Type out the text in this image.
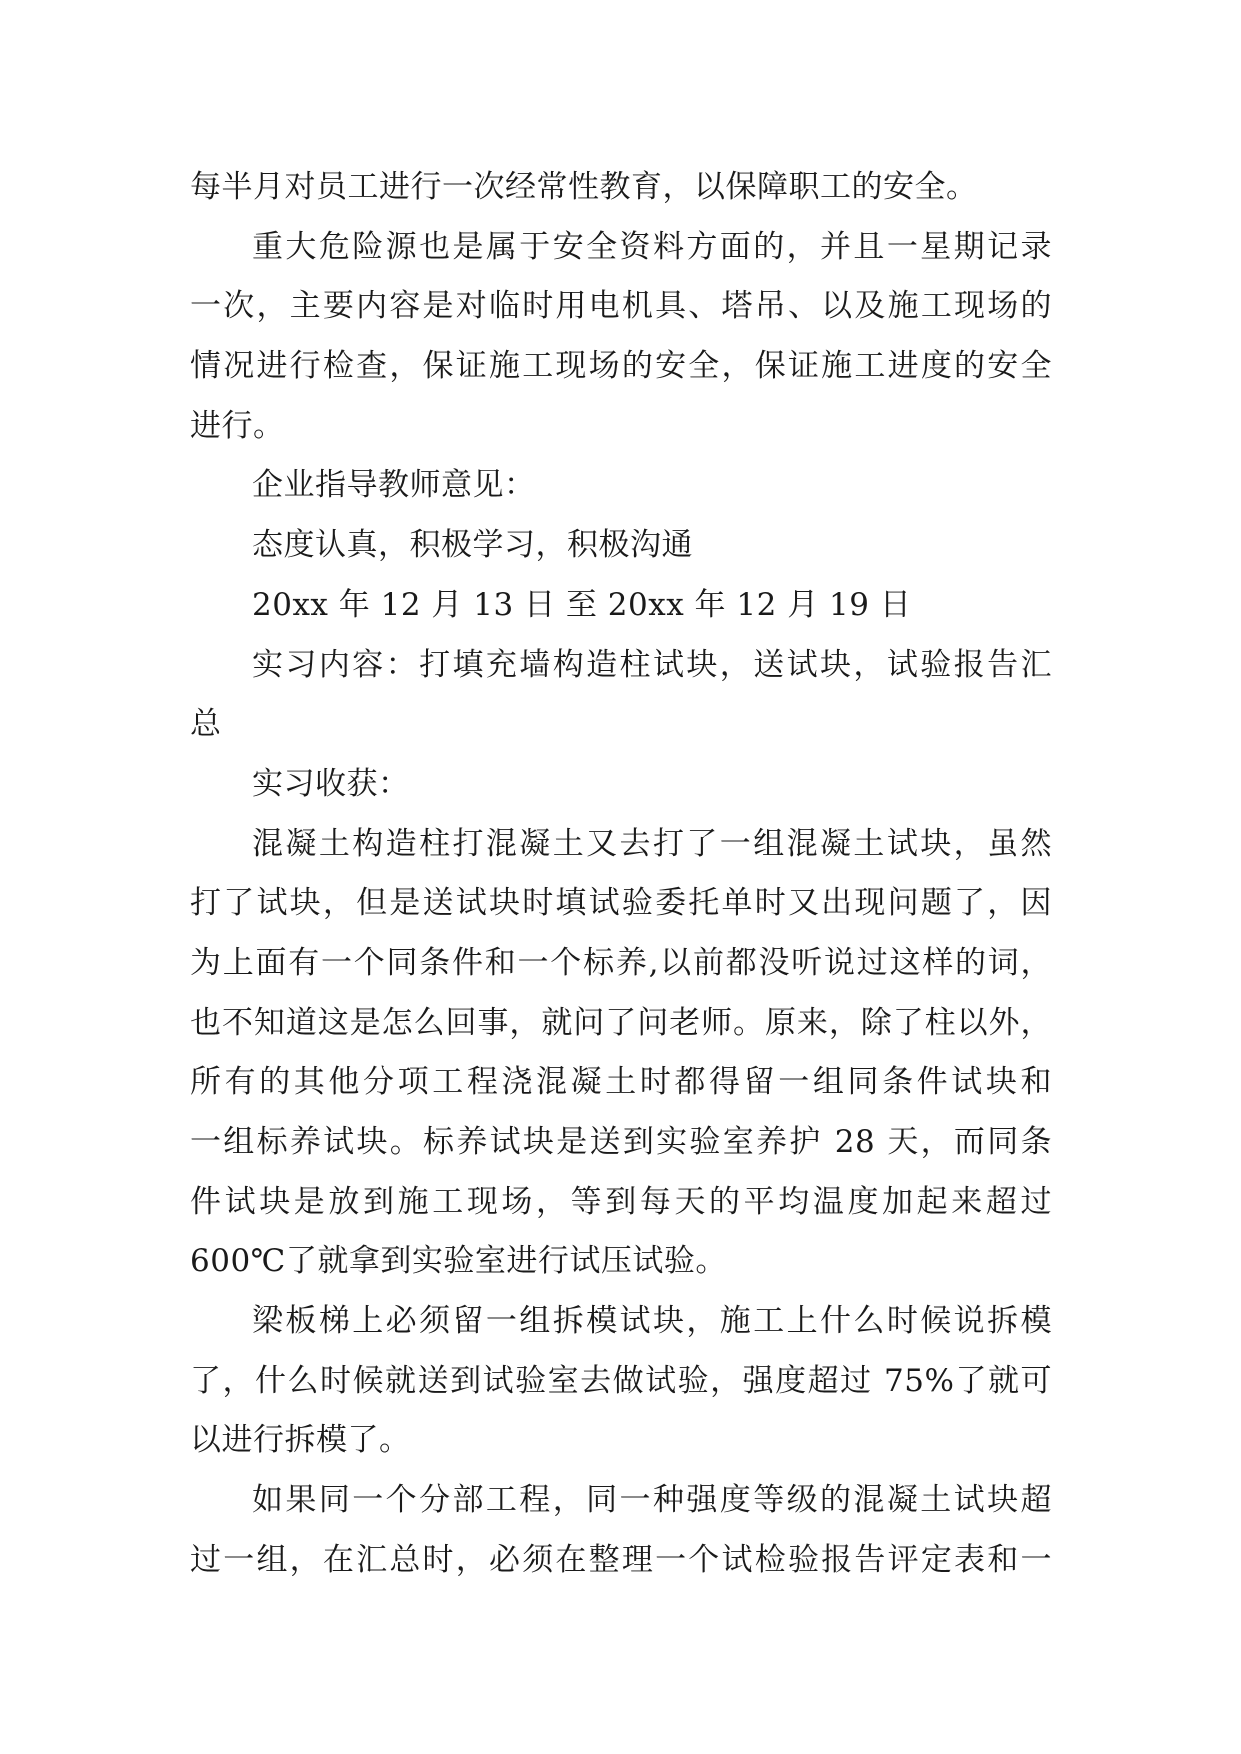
每半月对员工进行一次经常性教育，以保障职工的安全。
重大危险源也是属于安全资料方面的，并且一星期记录
一次，主要内容是对临时用电机具、塔吊、以及施工现场的
情况进行检查，保证施工现场的安全，保证施工进度的安全
进行。
企业指导教师意见：
态度认真，积极学习，积极沟通
20xx 年 12 月 13 日 至 20xx 年 12 月 19 日
实习内容：打填充墙构造柱试块，送试块，试验报告汇
总
实习收获：
混凝土构造柱打混凝土又去打了一组混凝土试块，虽然
打了试块，但是送试块时填试验委托单时又出现问题了，因
为上面有一个同条件和一个标养,以前都没听说过这样的词，
也不知道这是怎么回事，就问了问老师。原来，除了柱以外，
所有的其他分项工程浇混凝土时都得留一组同条件试块和
一组标养试块。标养试块是送到实验室养护 28 天，而同条
件试块是放到施工现场，等到每天的平均温度加起来超过
600℃了就拿到实验室进行试压试验。
梁板梯上必须留一组拆模试块，施工上什么时候说拆模
了，什么时候就送到试验室去做试验，强度超过 75%了就可
以进行拆模了。
如果同一个分部工程，同一种强度等级的混凝土试块超
过一组，在汇总时，必须在整理一个试检验报告评定表和一
